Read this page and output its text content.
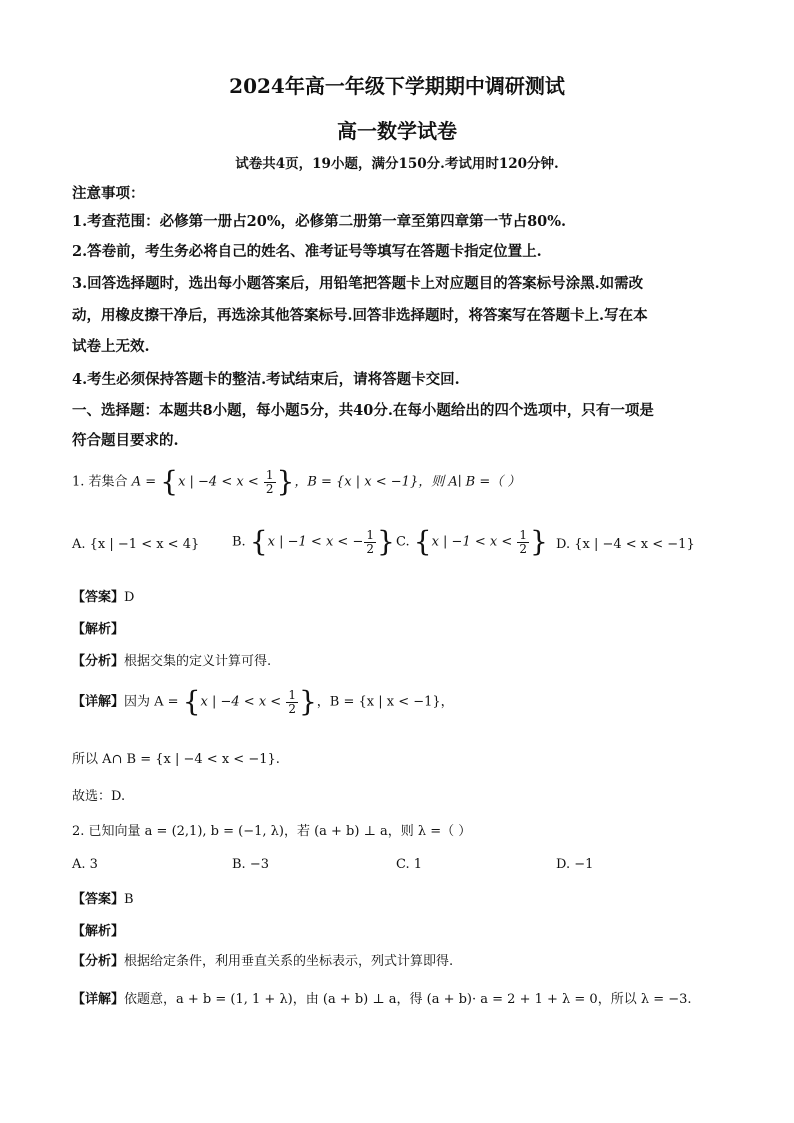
2024年高一年级下学期期中调研测试
高一数学试卷
试卷共4页，19小题，满分150分.考试用时120分钟.
注意事项：
1.考查范围：必修第一册占20%，必修第二册第一章至第四章第一节占80%.
2.答卷前，考生务必将自己的姓名、准考证号等填写在答题卡指定位置上.
3.回答选择题时，选出每小题答案后，用铅笔把答题卡上对应题目的答案标号涂黑.如需改
动，用橡皮擦干净后，再选涂其他答案标号.回答非选择题时，将答案写在答题卡上.写在本
试卷上无效.
4.考生必须保持答题卡的整洁.考试结束后，请将答题卡交回.
一、选择题：本题共8小题，每小题5分，共40分.在每小题给出的四个选项中，只有一项是
符合题目要求的.
1. 若集合 A = {x | $-4 < x < \frac{1}{2}$ }，B = {x | x < −1}，则 A∣ B =（ ）
A. {x | −1 < x < 4}	B. {x | −1 < x < − $\frac{1}{2}$ } C. {x | $-1 < x < \frac{1}{2}$ } D. {x | −4 < x < −1}
【答案】D
【解析】
【分析】根据交集的定义计算可得.
【详解】因为 A = {x | $-4 < x < \frac{1}{2}$ }，B = {x | x < −1}，
所以 A∩ B = {x | −4 < x < −1}.
故选：D.
2. 已知向量 a = (2,1), b = (−1, λ)，若 (a + b) ⊥ a，则 λ =（ ）
A. 3	B. −3	C. 1	D. −1
【答案】B
【解析】
【分析】根据给定条件，利用垂直关系的坐标表示，列式计算即得.
【详解】依题意，a + b = (1, 1 + λ)，由 (a + b) ⊥ a，得 (a + b)· a = 2 + 1 + λ = 0，所以 λ = −3.
